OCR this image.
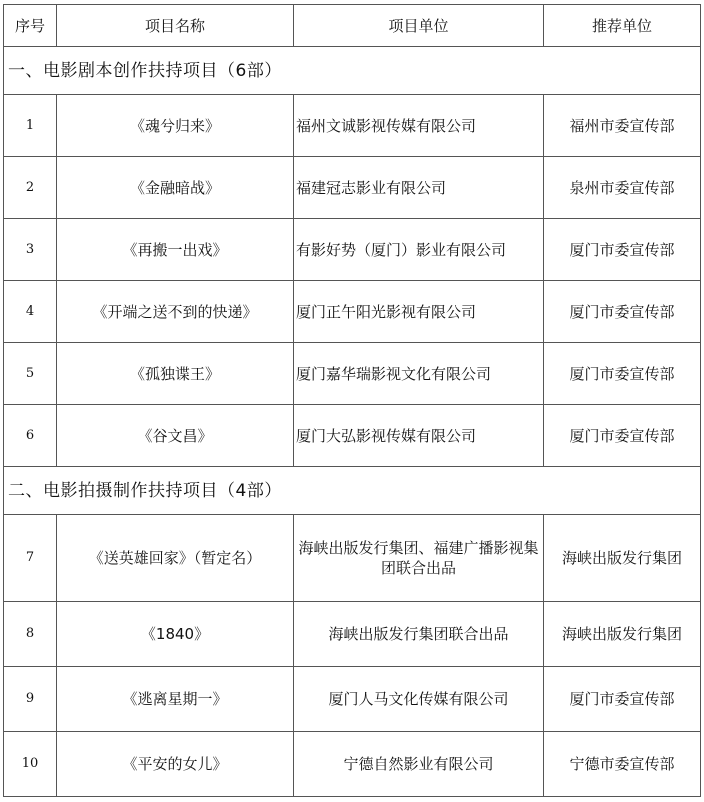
序号	项目名称	项目单位	推荐单位
一、电影剧本创作扶持项目（6部）			
1	《魂兮归来》	福州文诚影视传媒有限公司	福州市委宣传部
2	《金融暗战》	福建冠志影业有限公司	泉州市委宣传部
3	《再搬一出戏》	有影好势（厦门）影业有限公司	厦门市委宣传部
4	《开端之送不到的快递》	厦门正午阳光影视有限公司	厦门市委宣传部
5	《孤独谍王》	厦门嘉华瑞影视文化有限公司	厦门市委宣传部
6	《谷文昌》	厦门大弘影视传媒有限公司	厦门市委宣传部
二、电影拍摄制作扶持项目（4部）			
7	《送英雄回家》（暂定名）	海峡出版发行集团、福建广播影视集团联合出品	海峡出版发行集团
8	《1840》	海峡出版发行集团联合出品	海峡出版发行集团
9	《逃离星期一》	厦门人马文化传媒有限公司	厦门市委宣传部
10	《平安的女儿》	宁德自然影业有限公司	宁德市委宣传部
